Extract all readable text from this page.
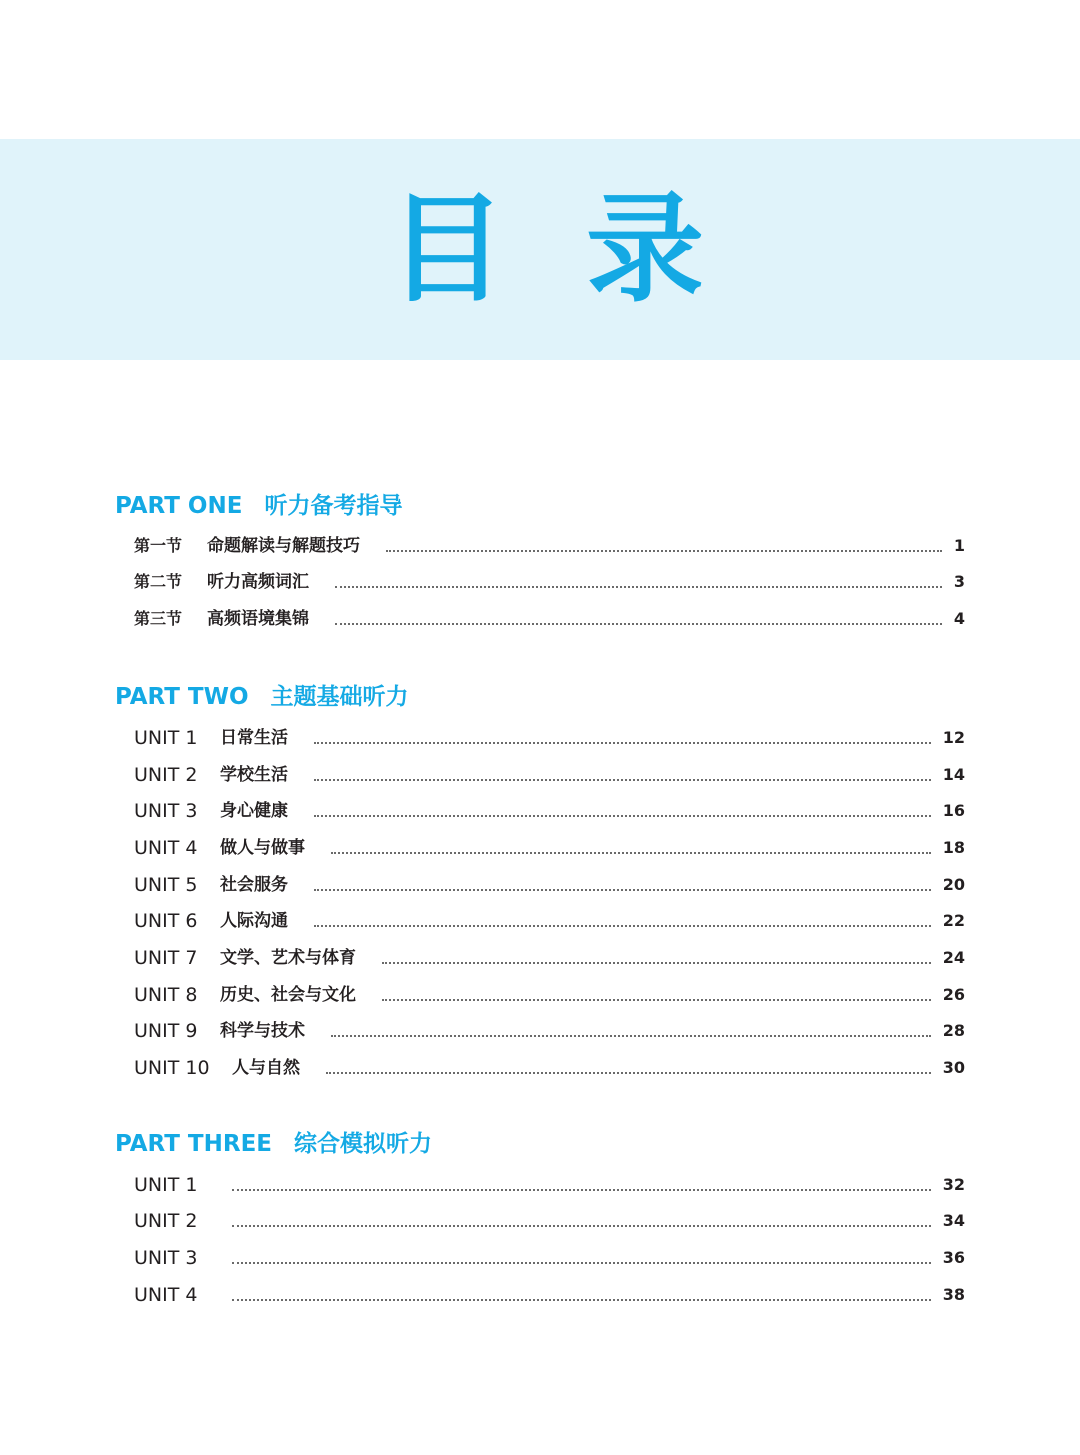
目 录
PART ONE 听力备考指导
第一节	命题解读与解题技巧	1
第二节	听力高频词汇	3
第三节	高频语境集锦	4
PART TWO 主题基础听力
UNIT 1	日常生活	12
UNIT 2	学校生活	14
UNIT 3	身心健康	16
UNIT 4	做人与做事	18
UNIT 5	社会服务	20
UNIT 6	人际沟通	22
UNIT 7	文学、艺术与体育	24
UNIT 8	历史、社会与文化	26
UNIT 9	科学与技术	28
UNIT 10	人与自然	30
PART THREE 综合模拟听力
UNIT 1	32
UNIT 2	34
UNIT 3	36
UNIT 4	38
